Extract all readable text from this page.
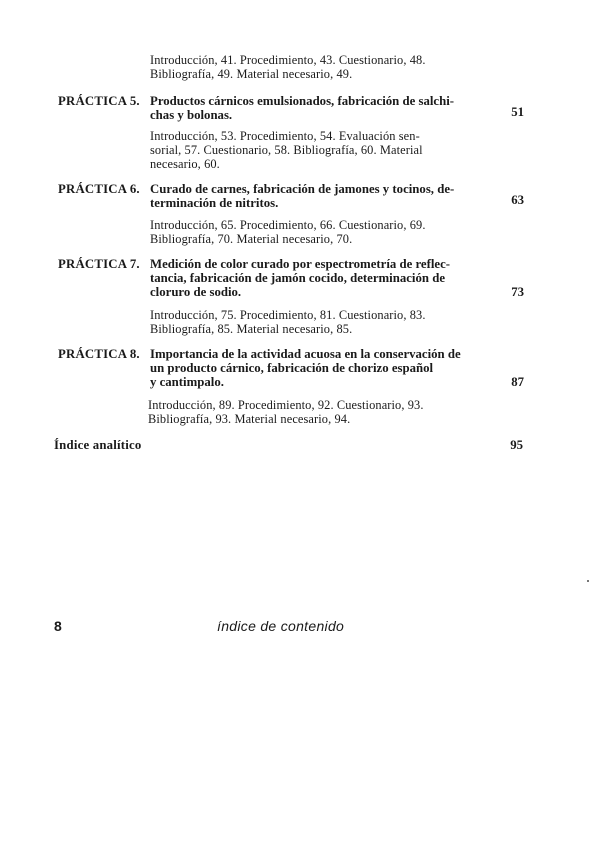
Introducción, 41. Procedimiento, 43. Cuestionario, 48.
Bibliografía, 49. Material necesario, 49.
PRÁCTICA 5. Productos cárnicos emulsionados, fabricación de salchi-
chas y bolonas.	51
Introducción, 53. Procedimiento, 54. Evaluación sen-
sorial, 57. Cuestionario, 58. Bibliografía, 60. Material
necesario, 60.
PRÁCTICA 6. Curado de carnes, fabricación de jamones y tocinos, de-
terminación de nitritos.	63
Introducción, 65. Procedimiento, 66. Cuestionario, 69.
Bibliografía, 70. Material necesario, 70.
PRÁCTICA 7. Medición de color curado por espectrometría de reflec-
tancia, fabricación de jamón cocido, determinación de
cloruro de sodio.	73
Introducción, 75. Procedimiento, 81. Cuestionario, 83.
Bibliografía, 85. Material necesario, 85.
PRÁCTICA 8. Importancia de la actividad acuosa en la conservación de
un producto cárnico, fabricación de chorizo español
y cantimpalo.	87
Introducción, 89. Procedimiento, 92. Cuestionario, 93.
Bibliografía, 93. Material necesario, 94.
Índice analítico	95
8	índice de contenido
